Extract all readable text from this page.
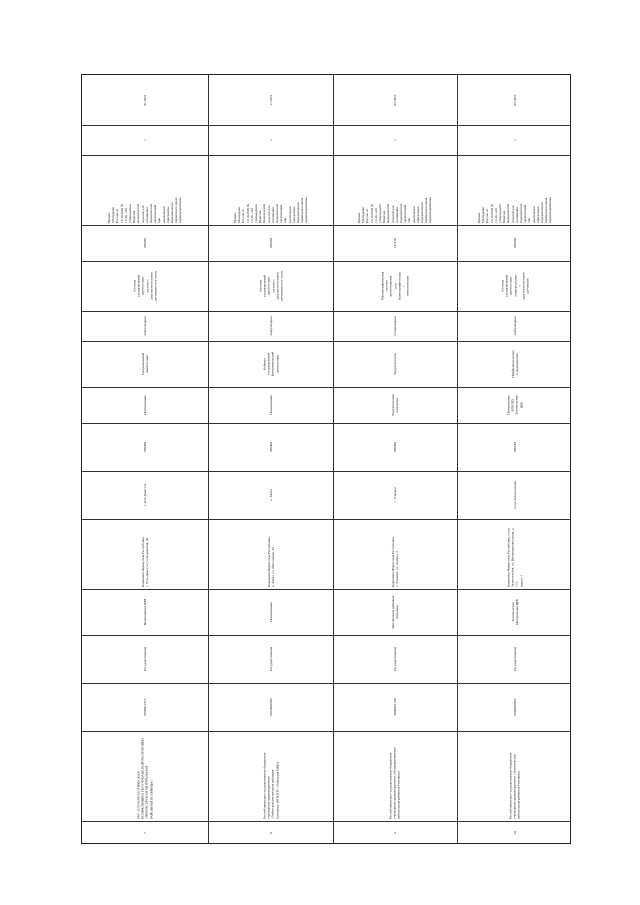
01.2021
1
Приказ
Минздрава
России от
19.10.2020 №
1112н «Об
утверждении
Перечня
медицинских
изделий для
оснащения
медицинских
организаций
при
реализации
программы
модернизации
первичного звена
здравоохранения»
260350
Система
ультразвуковой
диагностики
система с
диагностическими
датчиками и ее части
Амбулаторно
Ультразвуковой
диагностики
Поликлиника
369300
г. Усть-Джегута
Карачаево-Черкесская Республика,
г. Усть-Джегута, ул. Курортная, 45
Поликлиника ЦРБ
Государственная
0906017317
ГБУ «СТОМАТОЛОГИЧЕСКАЯ
ПОЛИКЛИНИКА ГБУЗ ЧУВАШСКОЙ РЕСПУБЛИКИ
«ЧЕБОКСАРСКАЯ ЦЕНТРАЛЬНАЯ
РАЙОННАЯ БОЛЬНИЦА»
7
11.2021
1
Приказ
Минздрава
России от
19.10.2020 №
1112н «Об
утверждении
Перечня
медицинских
изделий для
оснащения
медицинских
организаций
при
реализации
программы
модернизации
первичного звена
здравоохранения»
260350
Система
ультразвуковой
диагностики
система с
диагностическими
датчиками и ее части
Амбулаторно
Кабинет
ультразвуковой
функциональной
диагностики
Поликлиника
369400
а. Хабез
Карачаево-Черкесская Республика,
а. Хабез, ул. Шоссейная, 32
Поликлиника
Государственная
0910001003
Республиканское государственное бюджетное
учреждение здравоохранения
«Хабезская центральная районная
больница» (РГБЛПУ «Хабезская ЦРБ»)
8
03.2022
1
Приказ
Минздрава
России от
19.10.2020 №
1112н «Об
утверждении
Перечня
медицинских
изделий для
оснащения
медицинских
организаций
при
реализации
программы
модернизации
первичного звена
здравоохранения»
191170
Маммографическая
система
рентгеновская
или
маммографическая
с
томосинтезом
Стационарно
Хирургическое
Хирургическое
отделение
369380
с. Учкекен
Карачаево-Черкесская Республика,
с. Учкекен, ул. Ленина, 2
Центральная районная
больница
Государственная
0909001138
Республиканское государственное бюджетное
учреждение здравоохранения «Малокарачаевская
центральная районная больница»
9
05.2022
1
Приказ
Минздрава
России от
19.10.2020 №
1112н «Об
утверждении
Перечня
медицинских
изделий для
оснащения
медицинских
организаций
при
реализации
программы
модернизации
первичного звена
здравоохранения»
260350
Система
ультразвуковой
диагностики
универсальная
с
диагностическими
датчиками
Амбулаторно
Профилактическое
и медицинское
Поликлиника
РГБЛПУ
Зеленчукская
ЦРБ
369140
ст-ца Зеленчукская
Карачаево-Черкесская Республика, ст-ца
Зеленчукская, ул. Интернациональная, д. 151,
корпус 1
Зеленчукская
Центральная ЦРБ
Государственная
0906007863
Республиканское государственное бюджетное
учреждение здравоохранения «Зеленчукская
центральная районная больница»
10
